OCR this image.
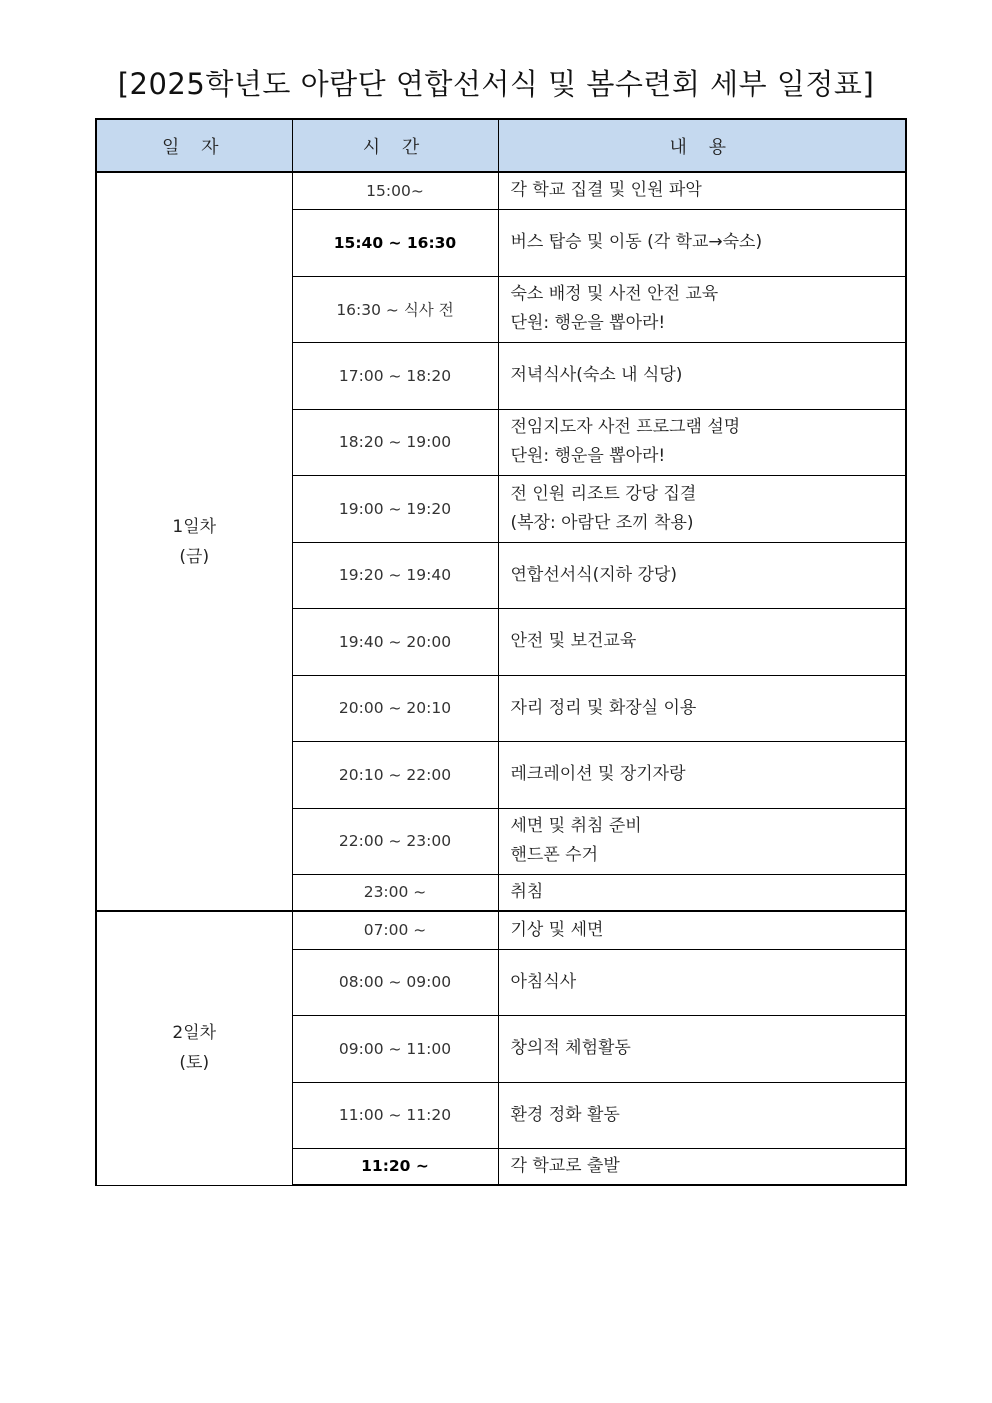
[2025학년도 아람단 연합선서식 및 봄수련회 세부 일정표]
일 자	시 간	내 용

1일차
(금)	15:00~	각 학교 집결 및 인원 파악

	15:40 ~ 16:30	버스 탑승 및 이동 (각 학교→숙소)

	16:30 ~ 식사 전	숙소 배정 및 사전 안전 교육
단원: 행운을 뽑아라!

	17:00 ~ 18:20	저녁식사(숙소 내 식당)

	18:20 ~ 19:00	전임지도자 사전 프로그램 설명
단원: 행운을 뽑아라!

	19:00 ~ 19:20	전 인원 리조트 강당 집결
(복장: 아람단 조끼 착용)

	19:20 ~ 19:40	연합선서식(지하 강당)

	19:40 ~ 20:00	안전 및 보건교육

	20:00 ~ 20:10	자리 정리 및 화장실 이용

	20:10 ~ 22:00	레크레이션 및 장기자랑

	22:00 ~ 23:00	세면 및 취침 준비
핸드폰 수거

	23:00 ~	취침

2일차
(토)	07:00 ~	기상 및 세면

	08:00 ~ 09:00	아침식사

	09:00 ~ 11:00	창의적 체험활동

	11:00 ~ 11:20	환경 정화 활동

	11:20 ~	각 학교로 출발
